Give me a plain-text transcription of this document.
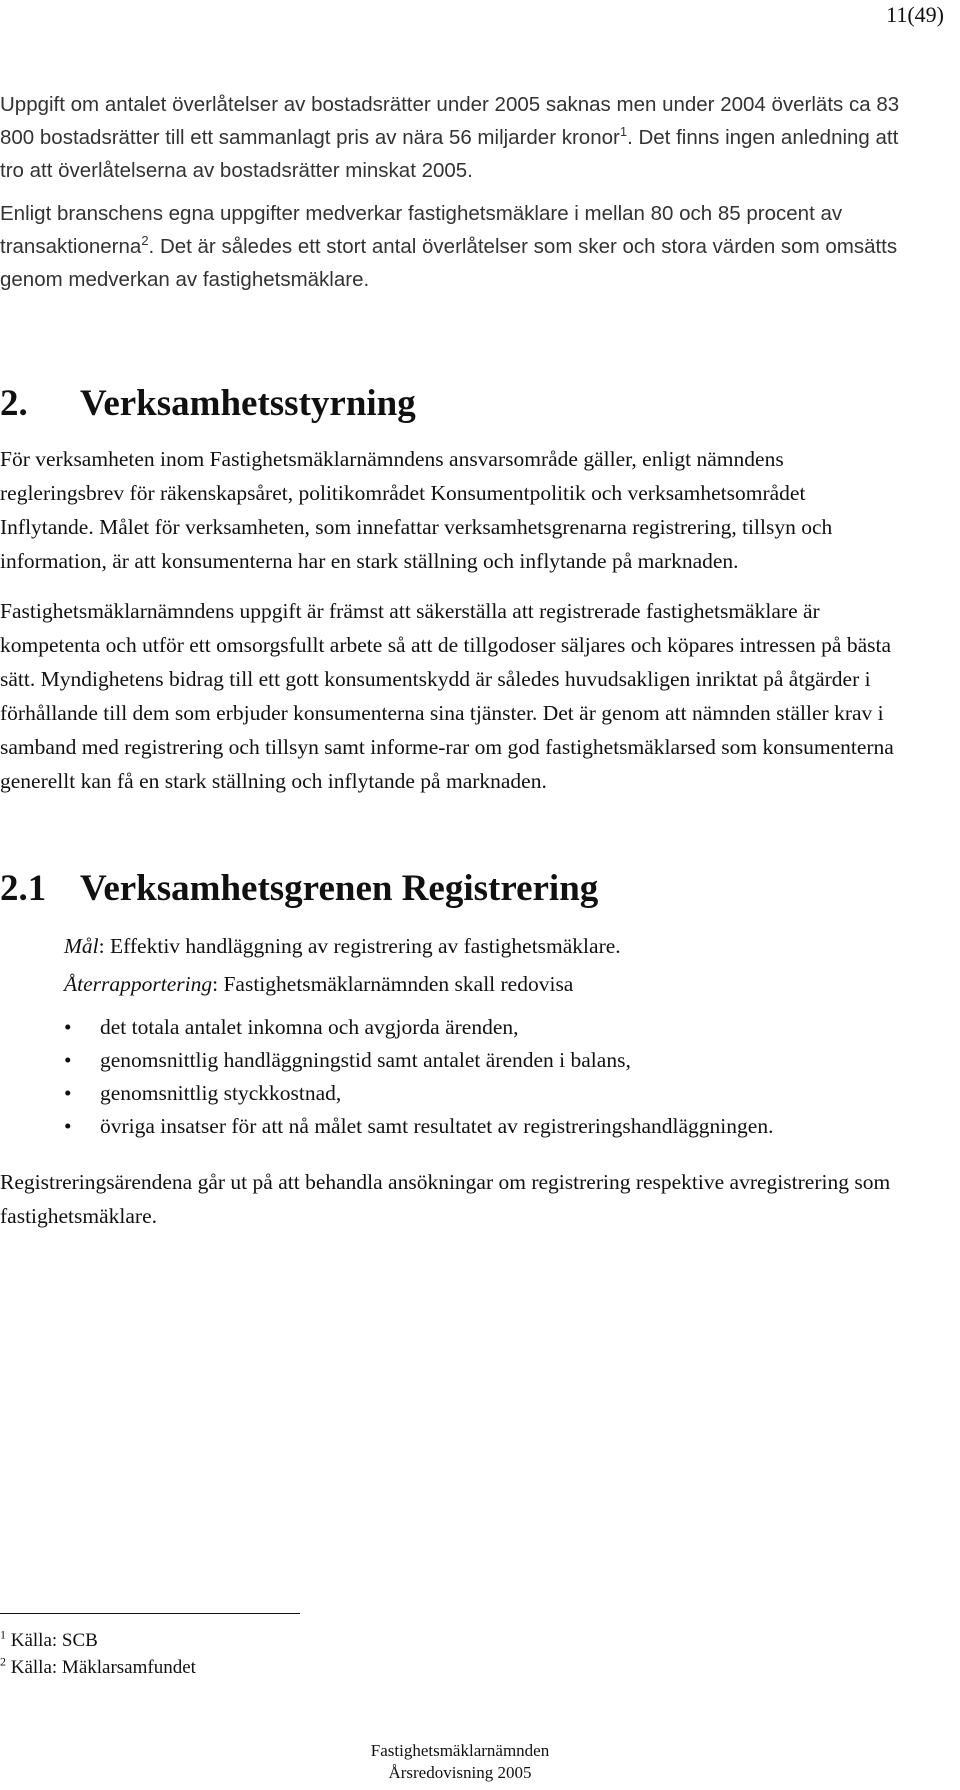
11(49)

Uppgift om antalet överlåtelser av bostadsrätter under 2005 saknas men under 2004 överläts ca 83 800 bostadsrätter till ett sammanlagt pris av nära 56 miljarder kronor$^1$. Det finns ingen anledning att tro att överlåtelserna av bostadsrätter minskat 2005.

Enligt branschens egna uppgifter medverkar fastighetsmäklare i mellan 80 och 85 procent av transaktionerna$^2$. Det är således ett stort antal överlåtelser som sker och stora värden som omsätts genom medverkan av fastighetsmäklare.

2. Verksamhetsstyrning

För verksamheten inom Fastighetsmäklarnämndens ansvarsområde gäller, enligt nämndens regleringsbrev för räkenskapsåret, politikområdet Konsumentpolitik och verksamhetsområdet Inflytande. Målet för verksamheten, som innefattar verksamhetsgrenarna registrering, tillsyn och information, är att konsumenterna har en stark ställning och inflytande på marknaden.

Fastighetsmäklarnämndens uppgift är främst att säkerställa att registrerade fastighetsmäklare är kompetenta och utför ett omsorgsfullt arbete så att de tillgodoser säljares och köpares intressen på bästa sätt. Myndighetens bidrag till ett gott konsumentskydd är således huvudsakligen inriktat på åtgärder i förhållande till dem som erbjuder konsumenterna sina tjänster. Det är genom att nämnden ställer krav i samband med registrering och tillsyn samt informe-rar om god fastighetsmäklarsed som konsumenterna generellt kan få en stark ställning och inflytande på marknaden.

2.1 Verksamhetsgrenen Registrering

Mål: Effektiv handläggning av registrering av fastighetsmäklare.

Återrapportering: Fastighetsmäklarnämnden skall redovisa

• det totala antalet inkomna och avgjorda ärenden,
• genomsnittlig handläggningstid samt antalet ärenden i balans,
• genomsnittlig styckkostnad,
• övriga insatser för att nå målet samt resultatet av registreringshandläggningen.

Registreringsärendena går ut på att behandla ansökningar om registrering respektive avregistrering som fastighetsmäklare.

$^1$ Källa: SCB
$^2$ Källa: Mäklarsamfundet
Fastighetsmäklarnämnden
Årsredovisning 2005
